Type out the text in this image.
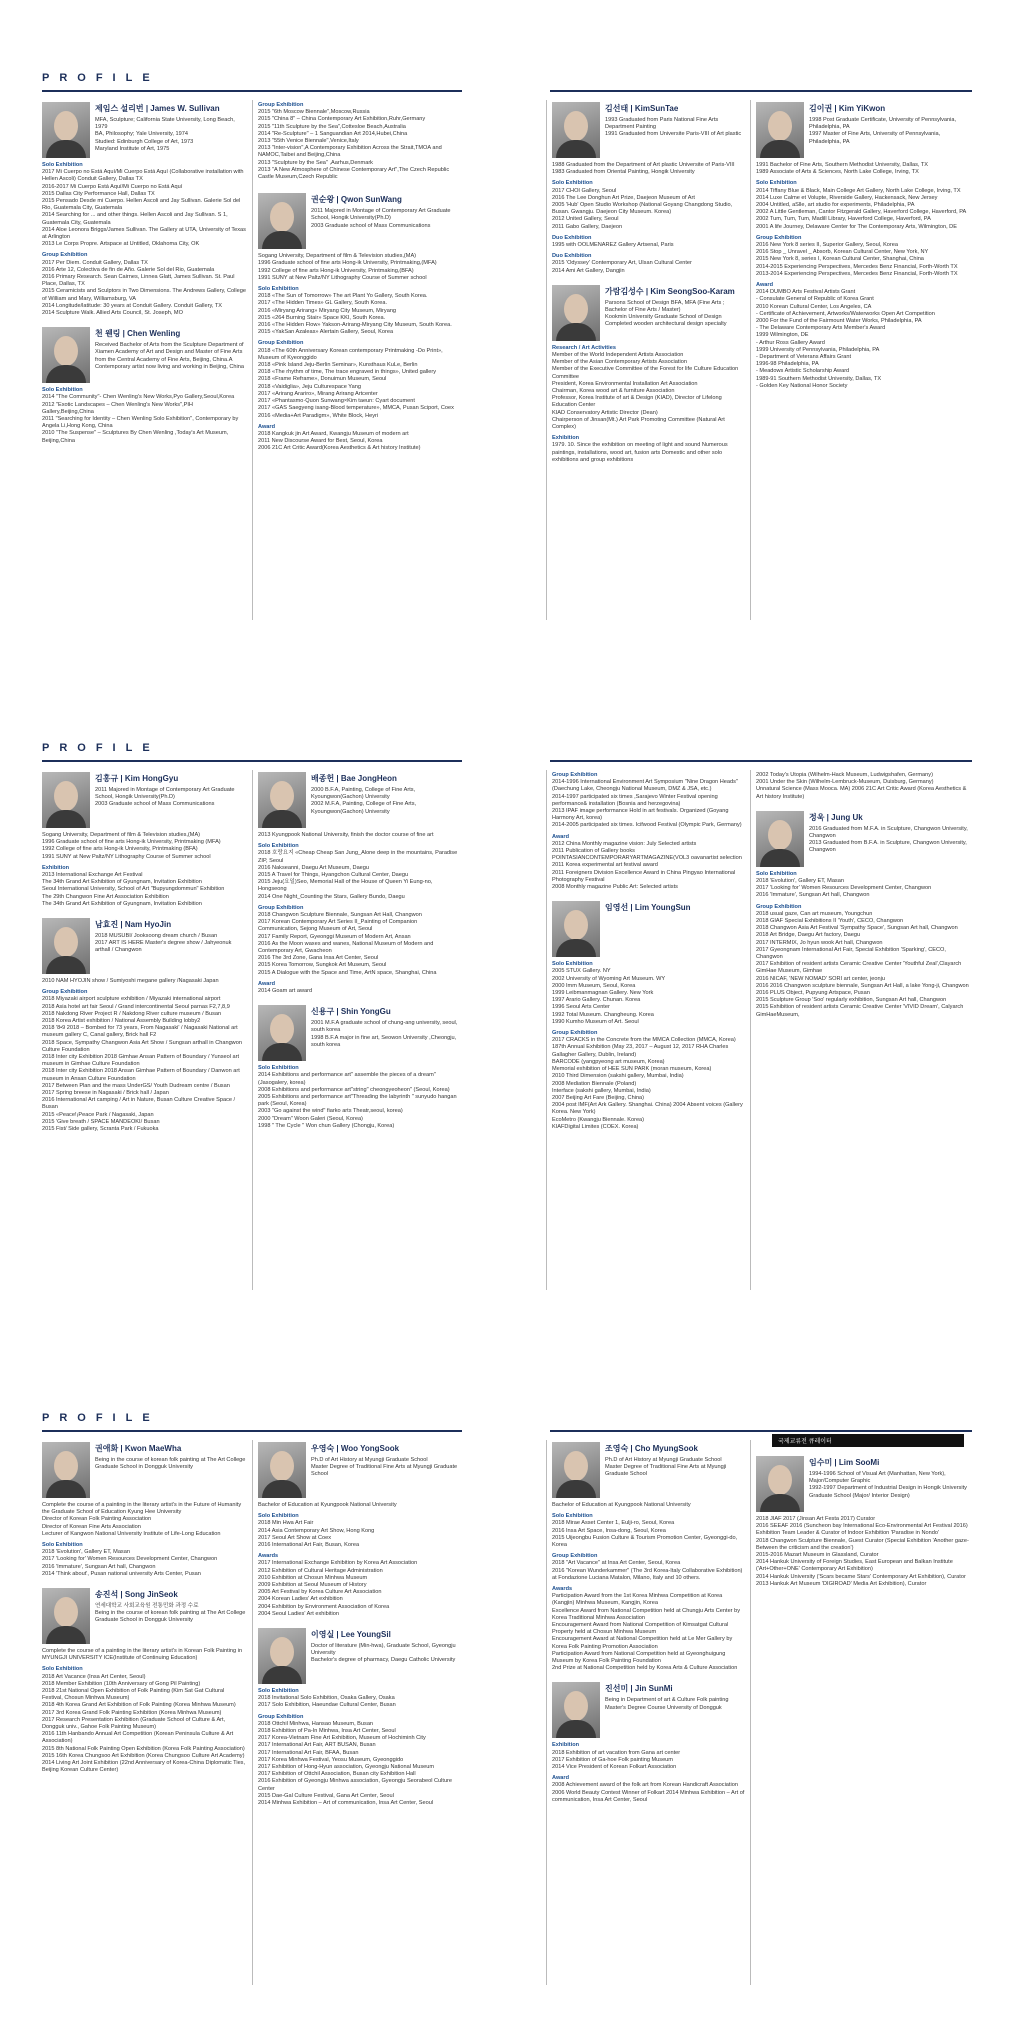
PROFILE
제임스 설리번 | James W. Sullivan
MFA, Sculpture; California State University, Long Beach, 1979
BA, Philosophy; Yale University, 1974
Studied: Edinburgh College of Art, 1973
Maryland Institute of Art, 1975
Solo Exhibition
2017 Mi Cuerpo no Está Aquí/Mi Cuerpo Está Aquí (Collaborative installation with Hellen Ascoli) Conduit Gallery, Dallas TX
2016-2017 Mi Cuerpo Está Aquí/Mi Cuerpo no Está Aquí
2015 Dallas City Performance Hall, Dallas TX
2015 Pensado Desde mi Cuerpo. Hellen Ascoli and Jay Sullivan. Galerie Sol del Rio, Guatemala City, Guatemala
2014 Searching for ... and other things. Hellen Ascoli and Jay Sullivan. S 1, Guatemala City, Guatemala
2014 Aloe Leonora Briggs/James Sullivan. The Gallery at UTA, University of Texas at Arlington
2013 Le Corps Propre. Artspace at Untitled, Oklahoma City, OK
Group Exhibition
2017 Per Diem. Conduit Gallery, Dallas TX
2016 Arte 12, Colectiva de fin de Año. Galerie Sol del Rio, Guatemala
2016 Primary Research. Sean Cairnes, Linnea Glatt, James Sullivan. St. Paul Place, Dallas, TX
2015 Ceramicists and Sculptors in Two Dimensions. The Andrews Gallery, College of William and Mary, Williamsburg, VA
2014 Longitude/latitude: 30 years at Conduit Gallery. Conduit Gallery, TX
2014 Sculpture Walk. Allied Arts Council, St. Joseph, MO
천 웬링 | Chen Wenling
Received Bachelor of Arts from the Sculpture Department of Xiamen Academy of Art and Design and Master of Fine Arts from the Central Academy of Fine Arts, Beijing, China.A Contemporary artist now living and working in Beijing, China
Solo Exhibition
2014 "The Community"- Chen Wenling's New Works,Pyo Gallery,Seoul,Korea
2012 "Exotic Landscapes – Chen Wenling's New Works",PIH Gallery,Beijing,China
2011 "Searching for Identity – Chen Wenling Solo Exhibition", Contemporary by Angela Li,Hong Kong, China
2010 "The Suspense" – Sculptures By Chen Wenling ,Today's Art Museum, Beijing,China
Group Exhibition
2015 "6th Moscow Biennale",Moscow,Russia
2015 "China 8" – China Contemporary Art Exhibition,Ruhr,Germany
2015 "11th Sculpture by the Sea",Cottesloe Beach,Australia
2014 "Re-Sculpture" – 1 Sanguandian Art 2014,Hubei,China
2013 "55th Venice Biennale",Venice,Italy
2013 "Inter-vision",A Contemporary Exhibition Across the Strait,TMOA and NAMOC,Taibei and Beijing,China
2013 "Sculpture by the Sea" ,Aarhus,Denmark
2013 "A New Atmosphere of Chinese Contemporary Art",The Czech Republic Castle Museum,Czech Republic
권순왕 | Qwon SunWang
2011 Majored in Montage of Contemporary Art Graduate School, Hongik University(Ph.D)
2003 Graduate school of Mass Communications
Sogang University, Department of film & Television studies,(MA)
1996 Graduate school of fine arts Hong-ik University, Printmaking,(MFA)
1992 College of fine arts Hong-ik University, Printmaking,(BFA)
1991 SUNY at New Paltz/NY Lithography Course of Summer school
Solo Exhibition
2018 «The Sun of Tomorrow» The art Plant Yo Gallery, South Korea.
2017 «The Hidden Times» GL Gallery, South Korea.
2016 «Miryang Arirang» Miryang City Museum, Miryang
2015 «264 Burning Stair» Space KKI, South Korea.
2016 «The Hidden Flow» Yakson-Arirang-Miryang City Museum, South Korea.
2015 «YakSan Azaleas» Alertain Gallery, Seoul, Korea
Group Exhibition
2018 «The 60th Anniversary Korean contemporary Printmaking -Do Print», Museum of Kyeonggido
2018 «Pink Island Jeju-Berlin Seminar», Kunsthaus KuLe, Berlin
2018 «The rhythm of time, The trace engraved in things», United gallery
2018 «Frame Reframe», Donuimun Museum, Seoul
2018 «Vaidiglia», Jeju Culturespace Yang
2017 «Arirang Arariro», Mirang Arirang Artcenter
2017 «Phantasmo·Quon Sunwang×Kim taeun: Cyart document
2017 «GAS Saegyeng isang-Blood temperature», MMCA, Pusan Sciport, Coex
2016 «Media+Art Paradigm», White Block, Heyri
Award
2018 Kangkuk jin Art Award, Kwangju Museum of modern art
2011 New Discourse Award for Best, Seoul, Korea
2006 21C Art Critic Award(Korea Aesthetics & Art history Institute)
김선태 | KimSunTae
1993 Graduated from Paris National Fine Arts Department Painting
1991 Graduated from Universite Paris-VIII of Art plastic
1988 Graduated from the Department of Art plastic Universite of Paris-VIII
1983 Graduated from Oriental Painting, Hongik University
Solo Exhibition
2017 CHOI Gallery, Seoul
2016 The Lee Donghun Art Prize, Daejeon Museum of Art
2005 'Hub' Open Studio Workshop (National Goyang Changdong Studio, Busan. Gwangju. Daejeon City Museum. Korea)
2012 United Gallery, Seoul
2011 Gabo Gallery, Daejeon
Duo Exhibition
1995 with OOLMENAREZ Gallery Artsenal, Paris
Duo Exhibition
2015 'Odyssey' Contemporary Art, Ulsan Cultural Center
2014 Ami Art Gallery, Dangjin
가람김성수 | Kim SeongSoo-Karam
Parsons School of Design BFA, MFA (Fine Arts ; Bachelor of Fine Arts / Master)
Kookmin University Graduate School of Design
Completed wooden architectural design specialty
Research / Art Activities
Member of the World Independent Artists Association
Member of the Asian Contemporary Artists Association
Member of the Executive Committee of the Forest for life Culture Education Committee
President, Korea Environmental Installation Art Association
Chairman, Korea wood art & furniture Association
Professor, Korea Institute of art & Design (KIAD), Director of Lifelong Education Center
KIAD Conservatory Artistic Director (Dean)
Chairperson of Jinsan(Mt.) Art Park Promoting Committee (Natural Art Complex)
Exhibition
1979. 10. Since the exhibition on meeting of light and sound Numerous paintings, installations, wood art, fusion arts Domestic and other solo exhibitions and group exhibitions
김이권 | Kim YiKwon
1998 Post Graduate Certificate, University of Pennsylvania, Philadelphia, PA
1997 Master of Fine Arts, University of Pennsylvania, Philadelphia, PA
1991 Bachelor of Fine Arts, Southern Methodist University, Dallas, TX
1989 Associate of Arts & Sciences, North Lake College, Irving, TX
Solo Exhibition
2014 Tiffany Blue & Black, Main College Art Gallery, North Lake College, Irving, TX
2014 Luxe Calme et Volupte, Riverside Gallery, Hackensack, New Jersey
2004 Untitled, aSlle, art studio for experiments, Philadelphia, PA
2002 A Little Gentleman, Cantor Fitzgerald Gallery, Haverford College, Haverford, PA
2002 Tum, Tum, Tum, Madill Library, Haverford College, Haverford, PA
2001 A life Journey, Delaware Center for The Contemporary Arts, Wilmington, DE
Group Exhibition
2016 New York 8 series II, Superior Gallery, Seoul, Korea
2016 Stop _ Unravel _ Absorb, Korean Cultural Center, New York, NY
2015 New York 8, series I, Korean Cultural Center, Shanghai, China
2014-2015 Experiencing Perspectives, Mercedes Benz Financial, Forth-Worth TX
2013-2014 Experiencing Perspectives, Mercedes Benz Financial, Forth-Worth TX
Award
2014 DUMBO Arts Festival Artists Grant
- Consulate General of Republic of Korea Grant
2010 Korean Cultural Center, Los Angeles, CA
- Certificate of Achievement, Artworks/Waterworks Open Art Competition
2000 For the Fund of the Fairmount Water Works, Philadelphia, PA
- The Delaware Contemporary Arts Member's Award
1999 Wilmington, DE
- Arthur Ross Gallery Award
1999 University of Pennsylvania, Philadelphia, PA
- Department of Veterans Affairs Grant
1996-98 Philadelphia, PA
- Meadows Artistic Scholarship Award
1989-91 Southern Methodist University, Dallas, TX
- Golden Key National Honor Society
PROFILE
김홍규 | Kim HongGyu
2011 Majored in Montage of Contemporary Art Graduate School, Hongik University(Ph.D)
2003 Graduate school of Mass Communications
Sogang University, Department of film & Television studies,(MA)
1996 Graduate school of fine arts Hong-ik University, Printmaking (MFA)
1992 College of fine arts Hong-ik University, Printmaking (BFA)
1991 SUNY at New Paltz/NY Lithography Course of Summer school
Exhibition
2013 International Exchange Art Festival
The 34th Grand Art Exhibition of Gyungnam, Invitation Exhibition
Seoul International University, School of Art "Bupyungdommun" Exhibition
The 29th Changwon Fine Art Association Exhibition
The 34th Grand Art Exhibition of Gyungnam, Invitation Exhibition
남효진 | Nam HyoJin
2018 MUSUBI/ Jooksoong dream church / Busan
2017 ART IS HERE Master's degree show / Jahyeonuk arthall / Changwon
2010 NAM HYOJIN show / Sumiyoshi megane gallery /Nagasaki Japan
Group Exhibition
2018 Miyazaki airport sculpture exhibition / Miyazaki international airport
2018 Asia hotel art fair Seoul / Grand intercontinental Seoul parnas F2,7,8,9
2018 Nakdong River Project R / Nakdong River culture museum / Busan
2018 Korea Artist exhibition / National Assembly Building lobby2
2018 '8•9 2018 – Bombed for 73 years, From Nagasaki' / Nagasaki National art museum gallery C, Canal gallery, Brick hall F2
2018 Space, Sympathy Changwon Asia Art Show / Sungsan arthall in Changwon Culture Foundation
2018 Inter city Exhibition 2018 Gimhae Ansan Pattern of Boundary / Yunseol art museum in Gimhae Culture Foundation
2018 Inter city Exhibition 2018 Ansan Gimhae Pattern of Boundary / Danwon art museum in Ansan Culture Foundation
2017 Between Plan and the mass UnderGS/ Youth Dudream centre / Busan
2017 Spring breese in Nagasaki / Brick hall / Japan
2016 International Art camping / Art in Nature, Busan Culture Creative Space / Busan
2015 «Peace!¡Peace Park / Nagasaki, Japan
2015 'Give breath / SPACE MANDEOKI/ Busan
2015 Fist/ Side gallery, Scranta Park / Fukuoka
배종헌 | Bae JongHeon
2000 B.F.A, Painting, College of Fine Arts, Kyoungwon(Gachon) University
2002 M.F.A, Painting, College of Fine Arts, Kyoungwon(Gachon) University
2013 Kyungpook National University, finish the doctor course of fine art
Solo Exhibition
2018 호랑요지 «Cheap Cheap San Jung_Alone deep in the mountains, Paradise ZIP, Seoul
2016 Nakseanni, Daegu Art Museum, Daegu
2015 A Travel for Things, Hyangchon Cultural Center, Daegu
2015 Jeju(요일)Seo, Memorial Hall of the House of Queen Yi Eung-no, Hongseong
2014 One Night_Counting the Stars, Gallery Bundo, Daegu
Group Exhibition
2018 Changwon Sculpture Biennale, Sungsan Art Hall, Changwon
2017 Korean Contemporary Art Series II_Painting of Companion Communication, Sejong Museum of Art, Seoul
2017 Family Report, Gyeonggi Museum of Modern Art, Ansan
2016 As the Moon waxes and wanes, National Museum of Modern and Contemporary Art, Gwacheon
2016 The 3rd Zone, Gana Insa Art Center, Seoul
2015 Korea Tomorrow, Sungkok Art Museum, Seoul
2015 A Dialogue with the Space and Time, ArtN space, Shanghai, China
Award
2014 Goam art award
신용구 | Shin YongGu
2001 M.F.A graduate school of chung-ang university, seoul, south korea
1998 B.F.A major in fine art, Seowon University ,Cheongju, south korea
Solo Exhibition
2014 Exhibitions and performance art" assemble the pieces of a dream" (Jasogalery, korea)
2008 Exhibitions and performance art"string" cheongyeoheon" (Seoul, Korea)
2005 Exhibitions and performance art"Threading the labyrinth " sunyudo hangan park (Seoul, Korea)
2003 "Go against the wind" fiarko arts Theatr,seoul, korea)
2000 "Dream" Woon Galeri (Seoul, Korea)
1998 " The Cycle " Won chun Gallery (Chongju, Korea)
Group Exhibition
2014-1996 International Environment Art Symposium "Nine Dragon Heads" (Daechung Lake, Cheongju National Museum, DMZ & JSA, etc.)
2014-1997 participated six times ,Sarajevo Winter Festival opening performance& installation (Bosnia and herzegovina)
2013 IPAF image performance Hold in art festivals. Organized (Goyang Harmony Art, korea)
2014-2005 participated six times. Icifwood Festival (Olympic Park, Germany)
Award
2012 China Monthly magazine vision: July Selected artists
2011 Publication of Gallery books POINTASIANCONTEMPORARYARTMAGAZINE(VOL3 oavanartist selection
2011 Korea experimental art festival award
2011 Foreigners Division Excellence Award in China Pingyao International Photography Festival
2008 Monthly magazine Public Art: Selected artists
임영선 | Lim YoungSun
Solo Exhibition
2005 STUX Gallery. NY
2002 University of Wyoming Art Museum. WY
2000 Imm Museum, Seoul, Korea
1999 Leibmanmagnan Gallery. New York
1997 Arario Gallery. Chunan. Korea
1996 Seoul Arts Center
1992 Total Museum. Changheung. Korea
1990 Kumho Museum of Art. Seoul
Group Exhibition
2017 CRACKS in the Concrete from the MMCA Collection (MMCA, Korea)
187th Annual Exhibition (May 23, 2017 – August 12, 2017 RHA Charles Gallagher Gallery, Dublin, Ireland)
BARCODE (yangpyeong art museum, Korea)
Memorial exhibition of HEE SUN PARK (moran museum, Korea)
2010 Third Dimension (sakshi gallery, Mumbai, India)
2008 Mediation Biennale (Poland)
Interface (sakshi gallery, Mumbai, India)
2007 Beijing Art Fare (Beijing, China)
2004 post IMF(Art Ark Gallery. Shanghai. China) 2004 Absent voices (Gallery Korea. New York)
EcoMetro (Kwangju Biennale. Korea)
KIAFDigital Limites (COEX. Korea)
2002 Today's Utopia (Wilhelm-Hack Museum, Ludwigshafen, Germany)
2001 Under the Skin (Wilhelm-Lembruck-Museum, Duisburg, Germany)
Unnatural Science (Mass Mooca. MA) 2006 21C Art Critic Award (Korea Aesthetics & Art history Institute)
정욱 | Jung Uk
2016 Graduated from M.F.A. in Sculpture, Changwon University, Changwon
2013 Graduated from B.F.A. in Sculpture, Changwon University, Changwon
Solo Exhibition
2018 'Evolution', Gallery ET, Masan
2017 'Looking for' Women Resources Development Center, Changwon
2016 'Immature', Sungsan Art hall, Changwon
Group Exhibition
2018 usual gaze, Can art museum, Youngchun
2018 GIAF Special Exhibitions II 'Youth', CECO, Changwon
2018 Changwon Asia Art Festival 'Sympathy Space', Sungsan Art hall, Changwon
2018 Art Bridge, Daegu Art factory, Daegu
2017 INTERMIX, Jo hyun wook Art hall, Changwon
2017 Gyeongnam International Art Fair, Special Exhibition 'Sparking', CECO, Changwon
2017 Exhibition of resident artists Ceramic Creative Center 'Youthful Zeal',Clayarch GimHae Museum, Gimhae
2016 NICAF, 'NEW NOMAD' SORI art center, jeonju
2016 2016 Changwon sculpture biennale, Sungsan Art Hall, a lake Yong-ji, Changwon
2016 PLUS Object, Pupyung Artspace, Pusan
2015 Sculpture Group 'Soo' regularly exhibition, Sungsan Art hall, Changwon
2015 Exhibition of resident artists Ceramic Creative Center 'VIVID Dream', Calyarch GimHaeMuseum,
PROFILE
국제교류전 큐레이터
권애화 | Kwon MaeWha
Being in the course of korean folk painting at The Art College Graduate School in Dongguk University
Complete the course of a painting in the literary artist's in the Future of Humanity the Graduate School of Education Kyung Hee University
Director of Korean Folk Painting Association
Director of Korean Fine Arts Association
Lecturer of Kangwon National University Institute of Life-Long Education
Solo Exhibition
2018 'Evolution', Gallery ET, Masan
2017 'Looking for' Women Resources Development Center, Changwon
2016 'Immature', Sungsan Art hall, Changwon
2014 'Think about', Pusan national university Arts Center, Pusan
송진석 | Song JinSeok
연세대학교 사회교육원 전통민화 과정 수료
Being in the course of korean folk painting at The Art College Graduate School in Dongguk University
Complete the course of a painting in the literary artist's in Korean Folk Painting in MYUNGJI UNIVERSITY ICE(Institute of Continuing Education)
Solo Exhibition
2018 Art Vacance (Insa Art Center, Seoul)
2018 Member Exhibition (10th Anniversary of Gong Pil Painting)
2018 21st National Open Exhibition of Folk Painting (Kim Sat Gat Cultural Festival, Chosun Minhwa Museum)
2018 4th Korea Grand Art Exhibition of Folk Painting (Korea Minhwa Museum)
2017 3rd Korea Grand Folk Painting Exhibition (Korea Minhwa Museum)
2017 Research Presentation Exhibition (Graduate School of Culture & Art, Dongguk univ., Gahoe Folk Painting Museum)
2016 11th Hanbando Annual Art Competition (Korean Peninsula Culture & Art Association)
2015 8th National Folk Painting Open Exhibition (Korea Folk Painting Association)
2015 16th Korea Chungsoo Art Exhibition (Korea Chungsoo Culture Art Academy)
2014 Living Art Joint Exhibition (22nd Anniversary of Korea-China Diplomatic Ties, Beijing Korean Culture Center)
우영숙 | Woo YongSook
Ph.D of Art History at Myungji Graduate School
Master Degree of Traditional Fine Arts at Myungji Graduate School
Bachelor of Education at Kyungpook National University
Solo Exhibition
2018 Min Hwa Art Fair
2014 Asia Contemporary Art Show, Hong Kong
2017 Seoul Art Show at Coex
2016 International Art Fair, Busan, Korea
Awards
2017 International Exchange Exhibition by Korea Art Association
2012 Exhibition of Cultural Heritage Administration
2010 Exhibition at Chosun Minhwa Museum
2009 Exhibition at Seoul Museum of History
2005 Art Festival by Korea Culture Art Association
2004 Korean Ladies' Art exhibition
2004 Exhibition by Environment Association of Korea
2004 Seoul Ladies' Art exhibition
이영실 | Lee YoungSil
Doctor of literature (Min-hwa), Graduate School, Gyeongju University
Bachelor's degree of pharmacy, Daegu Catholic University
Solo Exhibition
2018 Invitational Solo Exhibition, Osaka Gallery, Osaka
2017 Solo Exhibition, Haeundae Cultural Center, Busan
Group Exhibition
2018 Ottchil Minhwa, Hansao Museum, Busan
2018 Exhibition of Pa-In Minhwa, Insa Art Center, Seoul
2017 Korea-Vietnam Fine Art Exhibition, Museum of Hochiminh City
2017 International Art Fair, ART BUSAN, Busan
2017 International Art Fair, BFAA, Busan
2017 Korea Minhwa Festival, Yeosu Museum, Gyeonggido
2017 Exhibition of Hong-Hyun association, Gyeongju National Museum
2017 Exhibition of Ottchil Association, Busan city Exhibition Hall
2016 Exhibition of Gyeongju Minhwa association, Gyeongju Seorabeol Culture Center
2015 Dae-Gal Culture Festival, Gana Art Center, Seoul
2014 Minhwa Exhibition – Art of communication, Insa Art Center, Seoul
조영숙 | Cho MyungSook
Ph.D of Art History at Myungji Graduate School
Master Degree of Traditional Fine Arts at Myungji Graduate School
Bachelor of Education at Kyungpook National University
Solo Exhibition
2018 Mirae Asset Center 1, Eulji-ro, Seoul, Korea
2016 Insa Art Space, Insa-dong, Seoul, Korea
2015 Uijeongbu Fusion Culture & Tourism Promotion Center, Gyeonggi-do, Korea
Group Exhibition
2018 "Art Vacance" at Insa Art Center, Seoul, Korea
2016 "Korean Wunderkammer" (The 3rd Korea-Italy Collaborative Exhibition) at Fondazione Luciana Matalon, Milano, Italy and 10 others.
Awards
Participation Award from the 1st Korea Minhwa Competition at Korea (Kangjin) Minhwa Museum, Kangjin, Korea
Excellence Award from National Competition held at Chungju Arts Center by Korea Traditional Minhwa Association
Encouragement Award from National Competition of Kimsatgat Cultural Property held at Chosun Minhwa Museum
Encouragement Award at National Competition held at Le Mer Gallery by Korea Folk Painting Promotion Association
Participation Award from National Competition held at Gyeonghuigung Museum by Korea Folk Painting Foundation
2nd Prize at National Competition held by Korea Arts & Culture Association
진선미 | Jin SunMi
Being in Department of art & Culture Folk painting Master's Degree Course University of Dongguk
Exhibition
2018 Exhibition of art vacation from Gana art center
2017 Exhibition of Ga-hoe Folk painting Museum
2014 Vice President of Korean Folkart Association
Award
2008 Achievement award of the folk art from Korean Handicraft Association
2006 World Beauty Contest Winner of Folkart 2014 Minhwa Exhibition – Art of communication, Insa Art Center, Seoul
임수미 | Lim SooMi
1994-1996 School of Visual Art (Manhattan, New York), Major/Computer Graphic
1992-1997 Department of Industrial Design in Hongik University Graduate School (Major/ Interior Design)
2018 JIAF 2017 (Jinsan Art Festa 2017) Curator
2016 SEEAF 2016 (Suncheon bay International Eco-Environmental Art Festival 2016) Exhibition Team Leader & Curator of Indoor Exhibition 'Paradise in Nondo'
2018 Changwon Sculpture Biennale, Guest Curator (Special Exhibition 'Another gaze-Between the criticism and the creation')
2015-2016 Mazart Museum in Glassland, Curator
2014 Hankuk University of Foreign Studies, East European and Balkan Institute ('Art+Other+ONE' Contemporary Art Exhibition)
2014 Hankuk University ('Scars became Stars' Contemporary Art Exhibition), Curator
2013 Hankuk Art Museum 'DIGIROAD' Media Art Exhibition), Curator
